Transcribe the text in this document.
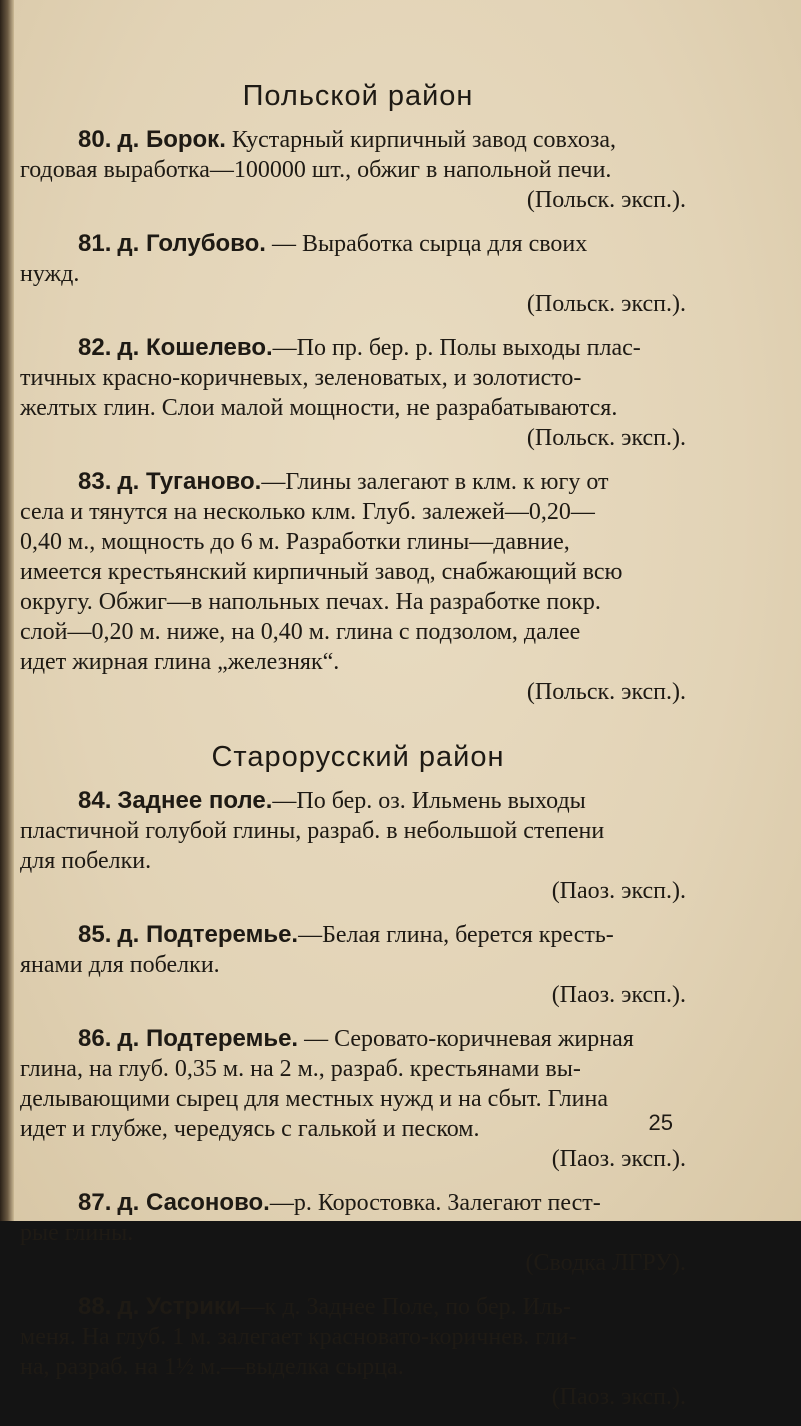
Польской район

80. д. Борок. Кустарный кирпичный завод совхоза,

годовая выработка—100000 шт., обжиг в напольной печи.

(Польск. эксп.).

81. д. Голубово. — Выработка сырца для своих

нужд.

(Польск. эксп.).

82. д. Кошелево.—По пр. бер. р. Полы выходы плас-

тичных красно-коричневых, зеленоватых, и золотисто-

желтых глин. Слои малой мощности, не разрабатываются.

(Польск. эксп.).

83. д. Туганово.—Глины залегают в клм. к югу от

села и тянутся на несколько клм. Глуб. залежей—0,20—

0,40 м., мощность до 6 м. Разработки глины—давние,

имеется крестьянский кирпичный завод, снабжающий всю

округу. Обжиг—в напольных печах. На разработке покр.

слой—0,20 м. ниже, на 0,40 м. глина с подзолом, далее

идет жирная глина „железняк“.

(Польск. эксп.).

Старорусский район

84. Заднее поле.—По бер. оз. Ильмень выходы

пластичной голубой глины, разраб. в небольшой степени

для побелки.

(Паоз. эксп.).

85. д. Подтеремье.—Белая глина, берется кресть-

янами для побелки.

(Паоз. эксп.).

86. д. Подтеремье. — Серовато-коричневая жирная

глина, на глуб. 0,35 м. на 2 м., разраб. крестьянами вы-

делывающими сырец для местных нужд и на сбыт. Глина

идет и глубже, чередуясь с галькой и песком.

(Паоз. эксп.).

87. д. Сасоново.—р. Коростовка. Залегают пест-

рые глины.

(Сводка ЛГРУ).

88. д. Устрики—к д. Заднее Поле, по бер. Иль-

меня. На глуб. 1 м. залегает красновато-коричнев. гли-

на, разраб. на 1½ м.—выделка сырца.

(Паоз. эксп.).

25
